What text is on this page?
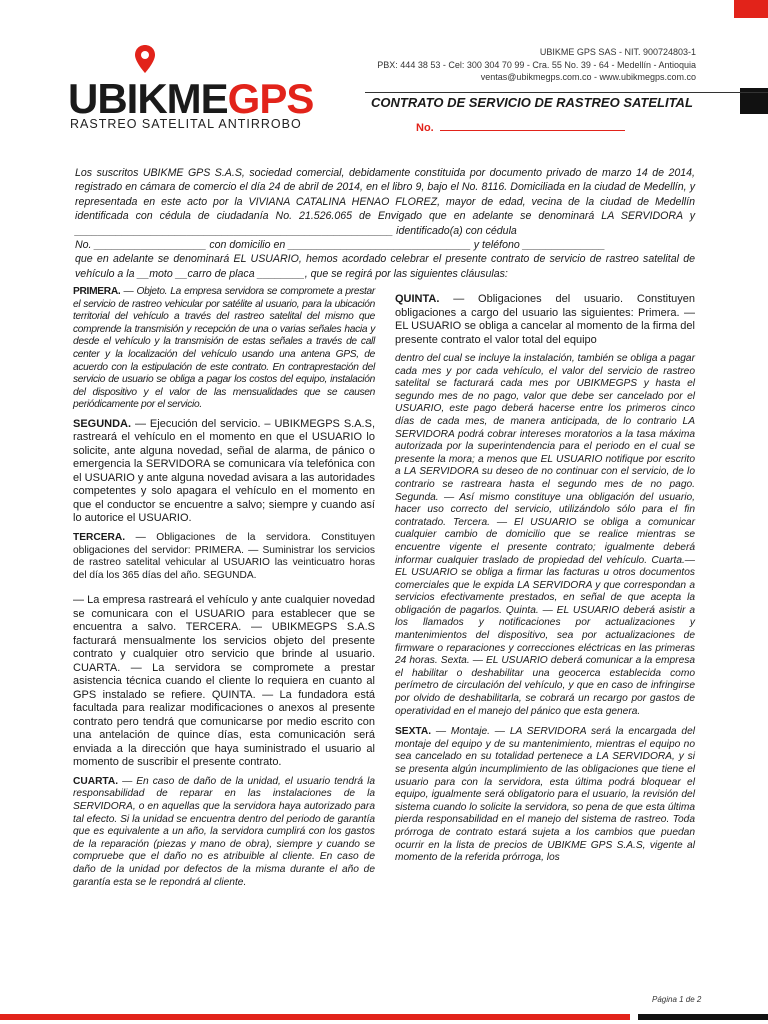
UBIKMEGPS
RASTREO SATELITAL ANTIRROBO
UBIKME GPS SAS - NIT. 900724803-1
PBX: 444 38 53 - Cel: 300 304 70 99 - Cra. 55 No. 39 - 64 - Medellín - Antioquia
ventas@ubikmegps.com.co - www.ubikmegps.com.co
CONTRATO DE SERVICIO DE RASTREO SATELITAL
No.

Los suscritos UBIKME GPS S.A.S, sociedad comercial, debidamente constituida por documento privado de marzo 14 de 2014, registrado en cámara de comercio el día 24 de abril de 2014, en el libro 9, bajo el No. 8116. Domiciliada en la ciudad de Medellín, y representada en este acto por la VIVIANA CATALINA HENAO FLOREZ, mayor de edad, vecina de la ciudad de Medellín identificada con cédula de ciudadanía No. 21.526.065 de Envigado que en adelante se denominará LA SERVIDORA y ______________________________________________________ identificado(a) con cédula

No. ___________________ con domicilio en _______________________________ y teléfono ______________

que en adelante se denominará EL USUARIO, hemos acordado celebrar el presente contrato de servicio de rastreo satelital de vehículo a la __moto __carro de placa ________, que se regirá por las siguientes cláusulas:

PRIMERA. — Objeto. La empresa servidora se compromete a prestar el servicio de rastreo vehicular por satélite al usuario, para la ubicación territorial del vehículo a través del rastreo satelital del mismo que comprende la transmisión y recepción de una o varias señales hacia y desde el vehículo y la transmisión de estas señales a través de call center y la localización del vehículo usando una antena GPS, de acuerdo con la estipulación de este contrato. En contraprestación del servicio de usuario se obliga a pagar los costos del equipo, instalación del dispositivo y el valor de las mensualidades que se causen periódicamente por el servicio.

SEGUNDA. — Ejecución del servicio. – UBIKMEGPS S.A.S, rastreará el vehículo en el momento en que el USUARIO lo solicite, ante alguna novedad, señal de alarma, de pánico o emergencia la SERVIDORA se comunicara vía telefónica con el USUARIO y ante alguna novedad avisara a las autoridades competentes y solo apagara el vehículo en el momento en que el conductor se encuentre a salvo; siempre y cuando así lo autorice el USUARIO.

TERCERA. — Obligaciones de la servidora. Constituyen obligaciones del servidor: PRIMERA. — Suministrar los servicios de rastreo satelital vehicular al USUARIO las veinticuatro horas del día los 365 días del año. SEGUNDA.

— La empresa rastreará el vehículo y ante cualquier novedad se comunicara con el USUARIO para establecer que se encuentra a salvo. TERCERA. — UBIKMEGPS S.A.S facturará mensualmente los servicios objeto del presente contrato y cualquier otro servicio que brinde al usuario. CUARTA. — La servidora se compromete a prestar asistencia técnica cuando el cliente lo requiera en cuanto al GPS instalado se refiere. QUINTA. — La fundadora está facultada para realizar modificaciones o anexos al presente contrato pero tendrá que comunicarse por medio escrito con una antelación de quince días, esta comunicación será enviada a la dirección que haya suministrado el usuario al momento de suscribir el presente contrato.

CUARTA. — En caso de daño de la unidad, el usuario tendrá la responsabilidad de reparar en las instalaciones de la SERVIDORA, o en aquellas que la servidora haya autorizado para tal efecto. Si la unidad se encuentra dentro del periodo de garantía que es equivalente a un año, la servidora cumplirá con los gastos de la reparación (piezas y mano de obra), siempre y cuando se compruebe que el daño no es atribuible al cliente. En caso de daño de la unidad por defectos de la misma durante el año de garantía esta se le repondrá al cliente.

QUINTA. — Obligaciones del usuario. Constituyen obligaciones a cargo del usuario las siguientes: Primera. — EL USUARIO se obliga a cancelar al momento de la firma del presente contrato el valor total del equipo

dentro del cual se incluye la instalación, también se obliga a pagar cada mes y por cada vehículo, el valor del servicio de rastreo satelital se facturará cada mes por UBIKMEGPS y hasta el segundo mes de no pago, valor que debe ser cancelado por el USUARIO, este pago deberá hacerse entre los primeros cinco días de cada mes, de manera anticipada, de lo contrario LA SERVIDORA podrá cobrar intereses moratorios a la tasa máxima autorizada por la superintendencia para el periodo en el cual se presente la mora; a menos que EL USUARIO notifique por escrito a LA SERVIDORA su deseo de no continuar con el servicio, de lo contrario se rastreara hasta el segundo mes de no pago. Segunda. — Así mismo constituye una obligación del usuario, hacer uso correcto del servicio, utilizándolo sólo para el fin contratado. Tercera. — El USUARIO se obliga a comunicar cualquier cambio de domicilio que se realice mientras se encuentre vigente el presente contrato; igualmente deberá informar cualquier traslado de propiedad del vehículo. Cuarta.— EL USUARIO se obliga a firmar las facturas u otros documentos comerciales que le expida LA SERVIDORA y que correspondan a servicios efectivamente prestados, en señal de que acepta la obligación de pagarlos. Quinta. — EL USUARIO deberá asistir a los llamados y notificaciones por actualizaciones y mantenimientos del dispositivo, sea por actualizaciones de firmware o reparaciones y correcciones eléctricas en las primeras 24 horas. Sexta. — EL USUARIO deberá comunicar a la empresa el habilitar o deshabilitar una geocerca establecida como perímetro de circulación del vehículo, y que en caso de infringirse por olvido de deshabilitarla, se cobrará un recargo por gastos de operatividad en el manejo del pánico que esta genera.

SEXTA. — Montaje. — LA SERVIDORA será la encargada del montaje del equipo y de su mantenimiento, mientras el equipo no sea cancelado en su totalidad pertenece a LA SERVIDORA, y si se presenta algún incumplimiento de las obligaciones que tiene el usuario para con la servidora, esta última podrá bloquear el equipo, igualmente será obligatorio para el usuario, la revisión del sistema cuando lo solicite la servidora, so pena de que esta última pierda responsabilidad en el manejo del sistema de rastreo. Toda prórroga de contrato estará sujeta a los cambios que puedan ocurrir en la lista de precios de UBIKME GPS S.A.S, vigente al momento de la referida prórroga, los

Página 1 de 2
